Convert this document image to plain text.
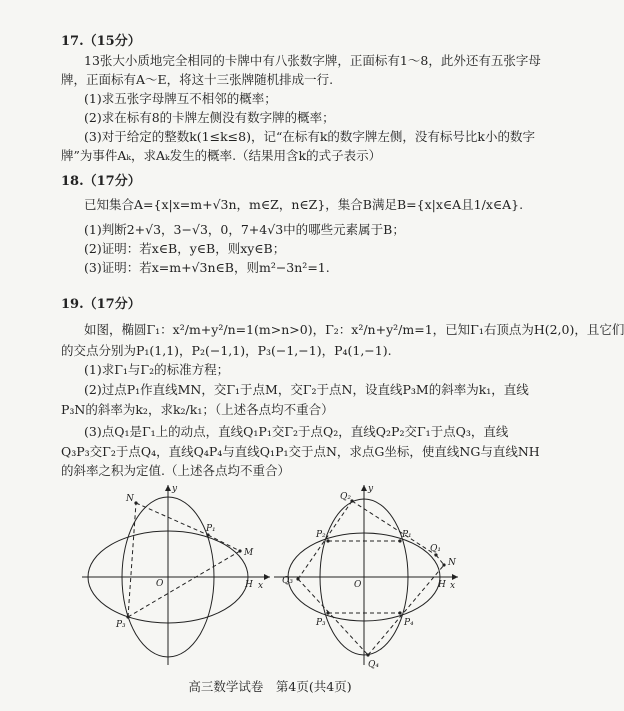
17.（15分）
13张大小质地完全相同的卡牌中有八张数字牌，正面标有1～8，此外还有五张字母
牌，正面标有A～E，将这十三张牌随机排成一行.
(1)求五张字母牌互不相邻的概率；
(2)求在标有8的卡牌左侧没有数字牌的概率；
(3)对于给定的整数k(1≤k≤8)，记“在标有k的数字牌左侧，没有标号比k小的数字
牌”为事件Aₖ，求Aₖ发生的概率.（结果用含k的式子表示）
18.（17分）
已知集合A={x|x=m+√3n，m∈Z，n∈Z}，集合B满足B={x|x∈A且1/x∈A}.
(1)判断2+√3，3−√3，0，7+4√3中的哪些元素属于B；
(2)证明：若x∈B，y∈B，则xy∈B；
(3)证明：若x=m+√3n∈B，则m²−3n²=1.
19.（17分）
如图，椭圆Γ₁：x²/m+y²/n=1(m>n>0)，Γ₂：x²/n+y²/m=1，已知Γ₁右顶点为H(2,0)，且它们
的交点分别为P₁(1,1)，P₂(−1,1)，P₃(−1,−1)，P₄(1,−1).
(1)求Γ₁与Γ₂的标准方程；
(2)过点P₁作直线MN，交Γ₁于点M，交Γ₂于点N，设直线P₃M的斜率为k₁，直线
P₃N的斜率为k₂，求k₂/k₁；（上述各点均不重合）
(3)点Q₁是Γ₁上的动点，直线Q₁P₁交Γ₂于点Q₂，直线Q₂P₂交Γ₁于点Q₃，直线
Q₃P₃交Γ₂于点Q₄，直线Q₄P₄与直线Q₁P₁交于点N，求点G坐标，使直线NG与直线NH
的斜率之积为定值.（上述各点均不重合）
y
x
N
P₁
M
O	H
P₃
y
x
Q₂
P₂	P₁
Q₁
N
Q₃	O	H
P₃	P₄
Q₄
高三数学试卷　第4页(共4页)
